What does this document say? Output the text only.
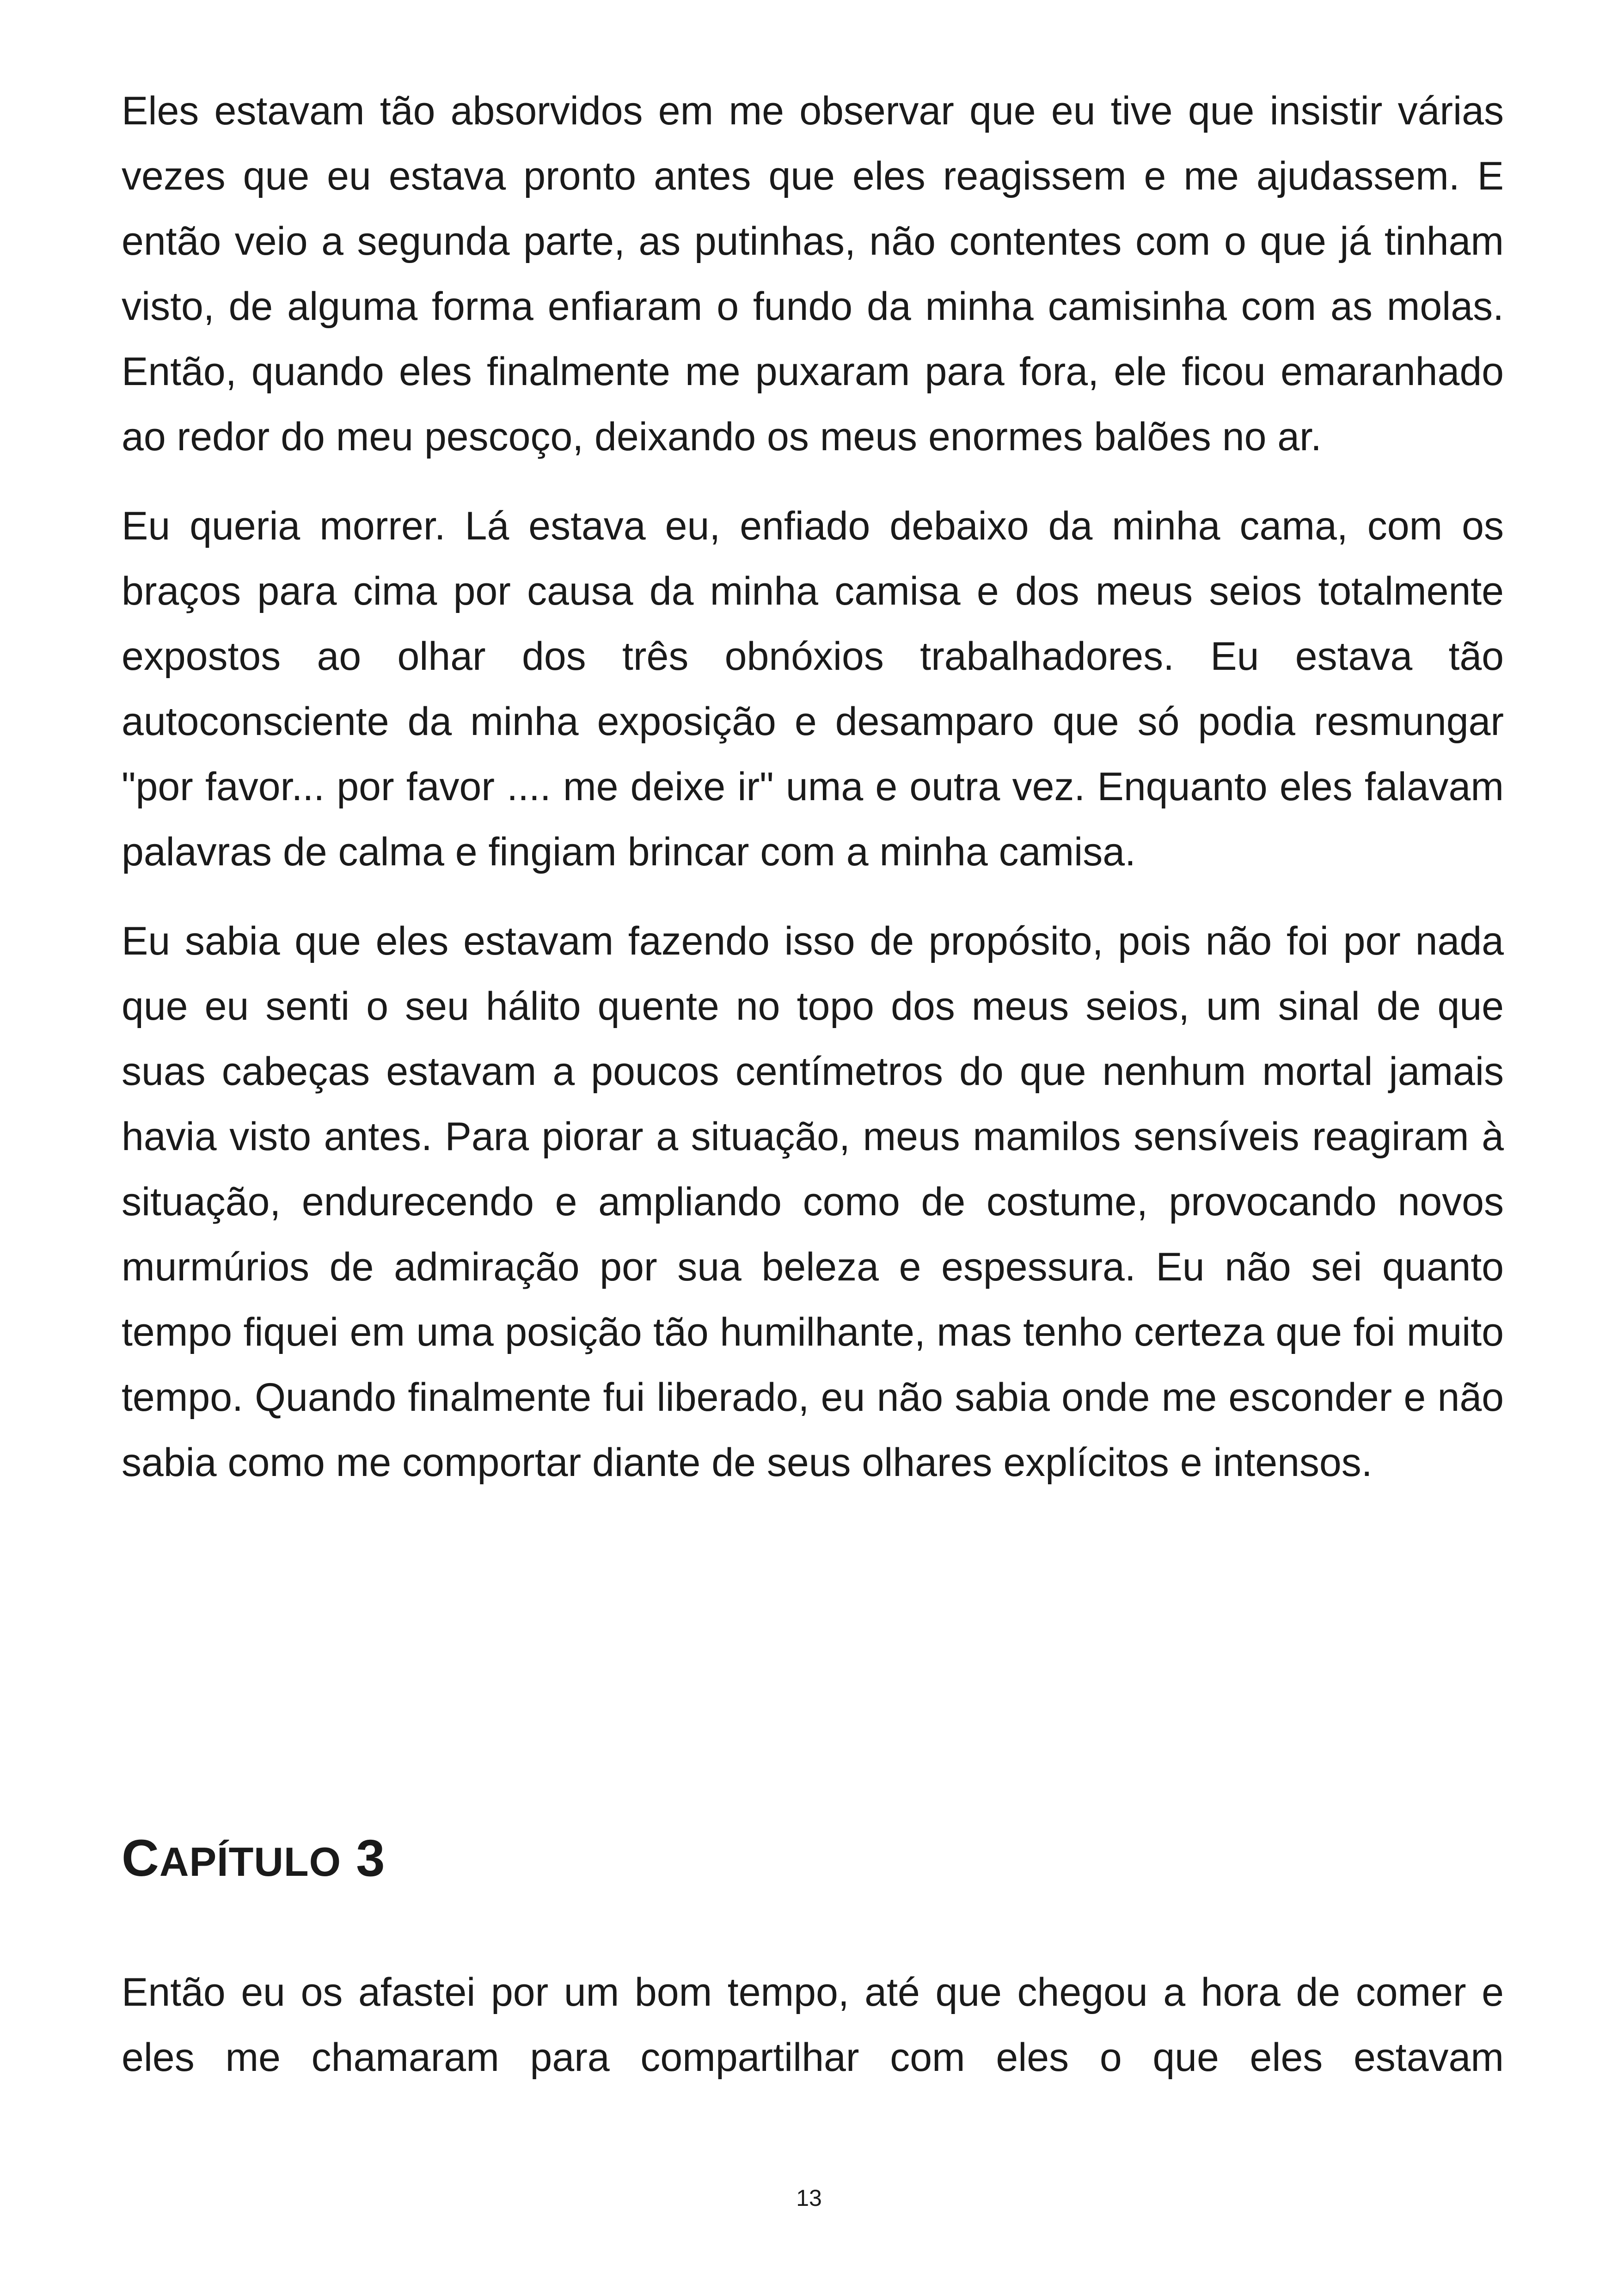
Eles estavam tão absorvidos em me observar que eu tive que insistir várias vezes que eu estava pronto antes que eles reagissem e me ajudassem. E então veio a segunda parte, as putinhas, não contentes com o que já tinham visto, de alguma forma enfiaram o fundo da minha camisinha com as molas. Então, quando eles finalmente me puxaram para fora, ele ficou emaranhado ao redor do meu pescoço, deixando os meus enormes balões no ar.

Eu queria morrer. Lá estava eu, enfiado debaixo da minha cama, com os braços para cima por causa da minha camisa e dos meus seios totalmente expostos ao olhar dos três obnóxios trabalhadores. Eu estava tão autoconsciente da minha exposição e desamparo que só podia resmungar "por favor... por favor .... me deixe ir" uma e outra vez. Enquanto eles falavam palavras de calma e fingiam brincar com a minha camisa.

Eu sabia que eles estavam fazendo isso de propósito, pois não foi por nada que eu senti o seu hálito quente no topo dos meus seios, um sinal de que suas cabeças estavam a poucos centímetros do que nenhum mortal jamais havia visto antes. Para piorar a situação, meus mamilos sensíveis reagiram à situação, endurecendo e ampliando como de costume, provocando novos murmúrios de admiração por sua beleza e espessura. Eu não sei quanto tempo fiquei em uma posição tão humilhante, mas tenho certeza que foi muito tempo. Quando finalmente fui liberado, eu não sabia onde me esconder e não sabia como me comportar diante de seus olhares explícitos e intensos.

CAPÍTULO 3

Então eu os afastei por um bom tempo, até que chegou a hora de comer e eles me chamaram para compartilhar com eles o que eles estavam

13
